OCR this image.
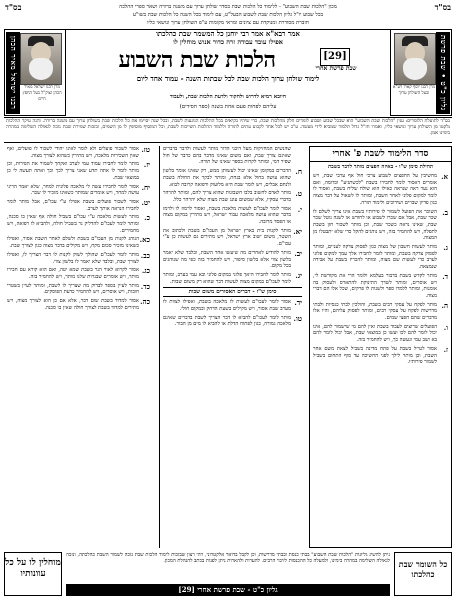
בס"ד
בס"ד	מכון "הלכות שבת השבוע" - ללימוד כל הלכות שבת בסדר שולחן ערוך עם משנה ברורה ושאר ספרי ההלכה
בכל שבוע יו"ל גליון הלכות שבת לשבוע הבעל"ט, עם לימוד בכל השנה כל הלכות שבת בשו"ע
חוברת מסודרת ומנוקדת עם ציונים ומראי מקומות ע"פ השולחן ערוך ונושאי כליו
גליון כ"ט • שבת פרשת
מרן רבנו יוסף קארו זיע"א ובעל השולחן ערוך
אמר רבא"א אמר רבי יוחנן כל המשמר שבת כהלכתו
אפילו עובד עבודה זרה כדור אנוש מוחלין לו
[29]
שבת פרשת אחרי
הלכות שבת השבוע
לימוד שולחן ערוך הלכות שבת לכל שבתות השנה - עמוד אחד ליום
חיובא רמיא לדרוש ולחקור ולדעת הלכות שבת, ולעבוד
עליהם לפחות פעם אחת בשנה (ספר חסידים)
רבנו ישראל מאיר הכהן	מרן רבנו ישראל מאיר הכהן זצוק"ל בעל החפץ חיים
בס"ד לתועלת הלומדים: ענין "הלכות שבת השבוע" הוא שבכל שבוע ושבוע לומדים חלק מהלכות שבת, כדי שיהיו בקיאים בכל ההלכות הנוגעות לשבת, ובכל שנה יסיימו את כל הלכות שבת בשולחן ערוך עם משנה ברורה. והנה עיקר ההלכות נלקטו מן השולחן ערוך ונושאי כליו, ואמרו חז"ל גדול תלמוד שמביא לידי מעשה. ע"כ יש לכל אחד לקבוע עתים לתורה וללמוד ההלכות השייכות לשבת, וכל המוסיף מוסיפין לו מן השמים, ובזכות שמירת שבת נזכה לגאולה השלימה במהרה בימינו אמן.
סדר הלימוד לשבת פ' אחרי
תחילת סימן ש"ו - באיזה חפצים מותר לדבר בשבת
א.
מחשיבין על החפצים לשבוע צרכי חול אף ערבי שבת, ויש אומרים דאסור לומר לחבירו בשבת "לכשתגיע" וכדומה, ואם הוא נער ראה שנראה כאילו הוא שולח שליח בשבת, ואסור לו לומר למקום פלוני לאחר השבת, ומותר לו לשאול על דבר מצוה כגון פדיון שבויים ושידוכים ולימוד תורה.
ב.
השוכר את הפועל לשמור לו פירותיו בשבת אינו צריך לשלם לו שכר שבת, אבל אם שכרו לשבוע או לחודש או לשנה נוטל שכר שבת, שאינו נראה כשכר שבת, וכן מותר לשכור חזן בשבת לתפלה, ויש להחמיר בזה, ויש נוהגים להקל כדי שלא יתבטלו מן המצוה.
ג.
מותר לעשות חשבון של מצוה כגון לפסוק צדקה לעניים, ומותר לפסוק צדקה בשבת, ומותר לומר לחבירו אלך עמך למקום פלוני לערב כדי לעשות שם מצוה, ומותר להכריז בשבת על אבידה שנמצאה.
ד.
מותר לקדש בשבת בדבור בעלמא ולומר הרי את מקודשת לי, ויש אוסרים, ומותר לשדך התינוקת להתארס ולעסוק בה אומנות, ומותר ללמדו ספר ולשנות לו פרקים, שכל אלו הם דברי מצוה.
ה.
מותר לפקח על עסקי רבים בשבת, והולכין לבתי כנסיות ולבתי מדרשות לפקח על עסקי רבים, ומותר לפסוק עליהם, והיו אלו מדברים שהם חפצי שמים.
ו.
הפועלים שרוצים לעבוד בשבת ואין להם מי שישמור להם, אינו יכול לומר להם לכו ועשו כן במוצאי שבת, אבל יכול לומר להם בא ושב עמי ונעשה כך, ויש להחמיר בזה.
ז.
אסור לטייל בשבת על פתח מדינה בשביל לצאת משם אחר השבת, וכן מותר לילך לפני החשיכה עד סוף התחום בשביל לשמור פירותיו.
שהנשים המחזיקות מעל דוכני הדור מותר לעשות ולדבר בדברים שאינם צורך שבת, ואם משום שאינו מדבר בהם כדבר של חול שפיר דמי, ומותר לקרות בספר שאינו של תורה.
ח.
הדברים במקומן שאינו יכול לעשותן ממש, רק שאינו אומר בלשון שהוא עושה בחול אלא בנחת, ומותר לבקר את החולה בשבת ולנחם אבלים, ויש לומר שבת היא מלזעוק ורפואה קרובה לבוא.
ט.
מותר לאדם לחשוב בלבו חשבונות שהוא צריך להם, ומותר להרהר בדברי עסקיו, אלא שמשום עונג שבת מצוה שלא יהרהר כלל.
י.
אסור לומר לעכו"ם לעשות מלאכה בשבת, ואסור לרמוז לו ולרמז בדבר שהוא עושה מלאכה עבור ישראל, ויש מתירין במקום מצוה או הפסד מרובה.
יא.
מותר לקנות בית בארץ ישראל מן העכו"ם בשבת ולכתוב את השטר, משום ישוב ארץ ישראל, ויש מתירים גם לעשות כן ע"י עכו"ם.
יב.
מותר להודיע לאחרים מה שיעשו אחר השבת, ובלבד שלא יאמר בלשון צווי אלא בלשון סיפור, ויש להחמיר בזה כפי מה שנוהגים בכל מקום.
יג.
מותר לומר לחבירו היאך פלוני במקום פלוני ובא עמי בערב, ומותר לומר לעכו"ם במקום מצוה לעשות דבר שהוא רק משום שבות.
סימן ש"ז - דברים האסורים משום שבות
יד.
אסור לומר לעכו"ם לעשות לו מלאכה בשבת, ואפילו לצוות לו מערב שבת אסור, ויש מקילים בשעת הדחק ובמקום חולי.
טו.
מותר לומר לעכו"ם להביא לו דבר הצריך לשבת בדברים שאינם מלאכה גמורה, כגון לפתוח הדלת או להביא לו מים מן הבור.
טז.
אסור לשכור פועלים ולא לומר לאינו יהודי לשכור לו פועלים, ואף שאין השכירות מלאכה, ויש מתירין כשהוא לצורך מצוה.
יז.
מותר לומר לחבירו עמוד עמי לערב ואקחך לשמור את הפירות, וכן מותר לומר לו אתה תדע שאני צריך לכך וכך ואתה תעשה לי כן במוצאי שבת.
יח.
אסור לומר לחבירו עשה לי מלאכה פלונית למחר, שלא יאמר הריני עושה למחר, ויש אומרים שמותר כשאינו מזכיר לו שכר.
יט.
אסור לשכור פועלים בשבת אפילו ע"י עכו"ם, אבל מותר לומר לחבירו הנראה אותך לערב.
כ.
מותר לעשות מלאכה ע"י עכו"ם בשביל חולה אף שאין בו סכנה, ומותר לומר לעכו"ם להדליק נר בשביל חולה, ולהביא לו רפואה, ויש מחמירים.
כא.
הנוהג לקנות מן העכו"ם בשבת ולשלם לאחר השבת אסור, ואפילו כשאינו מזכיר סכום מקח, ויש מקילים בדבר מצוה כגון לצורך שבת.
כב.
מותר לומר לעכו"ם שהולך לשוק לקנות לו דבר הצריך לו, ואפילו לצורך שבת, ובלבד שלא יאמר לו בלשון צווי.
כג.
אסור לקרוא לאור הנר בשבת שמא יטה, ואם הוא קורא עם חבירו מותר, ויש אומרים שבנרות שלנו מותר, ויש להחמיר בזה.
כד.
מותר לעיין בספר לבדוק מה שצריך לו לשבת, ומותר לעיין בשטרי חובות, ויש אוסרים, ויש להחמיר כדעת הפוסקים.
כה.
אסור למדוד בשבת שום דבר, אלא אם כן הוא לצורך מצוה, ויש מתירים למדוד בשבת לצורך חולה שאין בו סכנה.
כל השומר שבת כהלכתו
ניתן להשיג גליונות "הלכות שבת השבוע" בבתי כנסת ובבתי מדרשות, וכן לקבל בדואר אלקטרוני, ויהי רצון שבזכות לימוד הלכות שבת נזכה לשמור השבת כהלכתה, ונזכה לגאולה השלימה במהרה בימינו, ולמעלה כל ההכנסות לזיכוי הרבים. להערות ולהארות ניתן לפנות בכתב להנהלת המכון.
גליון כ"ט - שבת פרשת אחרי [29]
מוחלין לו על כל עוונותיו
